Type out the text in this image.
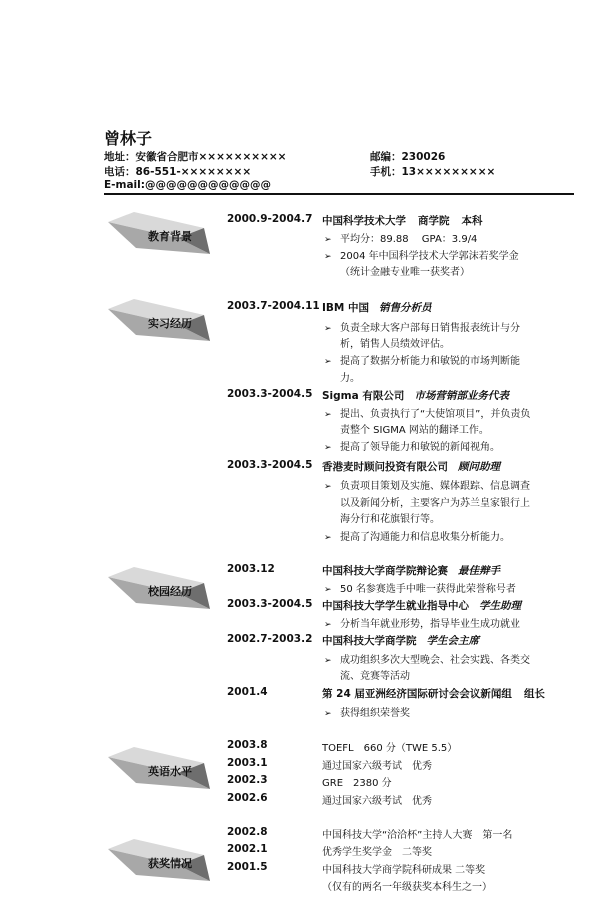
曾林子
地址：安徽省合肥市××××××××××	邮编：230026
电话：86-551-××××××××	手机：13×××××××××
E-mail:@@@@@@@@@@@@
教育背景
实习经历
校园经历
英语水平
获奖情况
2000.9-2004.7 中国科学技术大学 商学院 本科
➢ 平均分：89.88　 GPA：3.9/4
➢ 2004 年中国科学技术大学郭沫若奖学金
（统计金融专业唯一获奖者）
2003.7-2004.11 IBM 中国 销售分析员
➢ 负责全球大客户部每日销售报表统计与分
析，销售人员绩效评估。
➢ 提高了数据分析能力和敏锐的市场判断能
力。
2003.3-2004.5 Sigma 有限公司 市场营销部业务代表
➢ 提出、负责执行了“大使馆项目”，并负责负
责整个 SIGMA 网站的翻译工作。
➢ 提高了领导能力和敏锐的新闻视角。
2003.3-2004.5 香港麦时顾问投资有限公司 顾问助理
➢ 负责项目策划及实施、媒体跟踪、信息调查
以及新闻分析，主要客户为苏兰皇家银行上
海分行和花旗银行等。
➢ 提高了沟通能力和信息收集分析能力。
2003.12	中国科技大学商学院辩论赛 最佳辩手
➢ 50 名参赛选手中唯一获得此荣誉称号者
2003.3-2004.5 中国科技大学学生就业指导中心 学生助理
➢ 分析当年就业形势，指导毕业生成功就业
2002.7-2003.2 中国科技大学商学院 学生会主席
➢ 成功组织多次大型晚会、社会实践、各类交
流、竞赛等活动
2001.4	第 24 届亚洲经济国际研讨会会议新闻组 组长
➢ 获得组织荣誉奖
2003.8	TOEFL　660 分（TWE 5.5）
2003.1	通过国家六级考试　优秀
2002.3	GRE　2380 分
2002.6	通过国家六级考试　优秀
2002.8	中国科技大学“洽洽杯”主持人大赛　第一名
2002.1	优秀学生奖学金　二等奖
2001.5	中国科技大学商学院科研成果 二等奖
（仅有的两名一年级获奖本科生之一）
